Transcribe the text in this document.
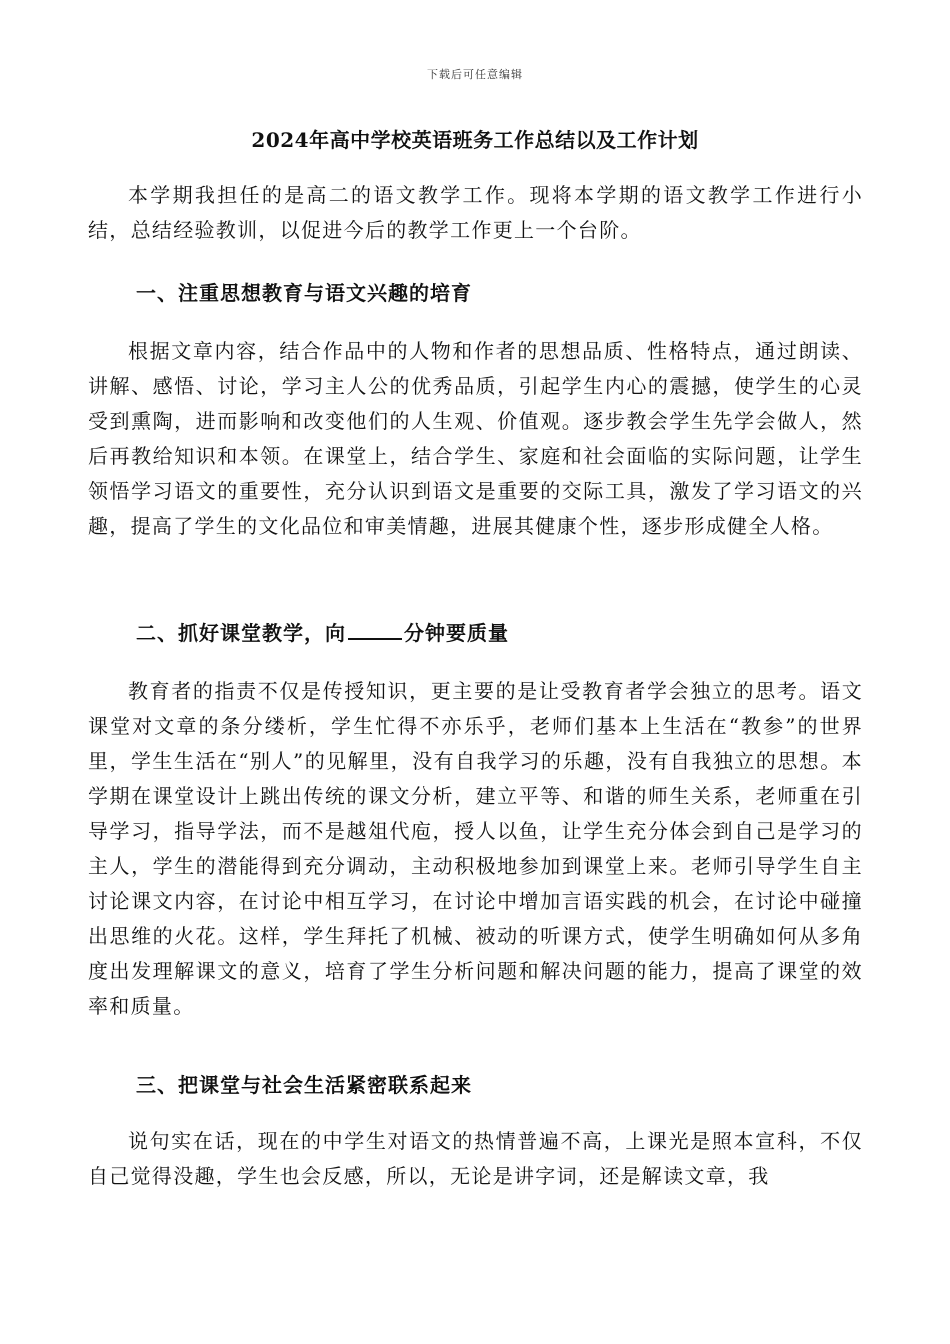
下载后可任意编辑
2024年高中学校英语班务工作总结以及工作计划

本学期我担任的是高二的语文教学工作。现将本学期的语文教学工作进行小结，总结经验教训，以促进今后的教学工作更上一个台阶。

一、注重思想教育与语文兴趣的培育

根据文章内容，结合作品中的人物和作者的思想品质、性格特点，通过朗读、讲解、感悟、讨论，学习主人公的优秀品质，引起学生内心的震撼，使学生的心灵受到熏陶，进而影响和改变他们的人生观、价值观。逐步教会学生先学会做人，然后再教给知识和本领。在课堂上，结合学生、家庭和社会面临的实际问题，让学生领悟学习语文的重要性，充分认识到语文是重要的交际工具，激发了学习语文的兴趣，提高了学生的文化品位和审美情趣，进展其健康个性，逐步形成健全人格。

二、抓好课堂教学，向	分钟要质量

教育者的指责不仅是传授知识，更主要的是让受教育者学会独立的思考。语文课堂对文章的条分缕析，学生忙得不亦乐乎，老师们基本上生活在“教参”的世界里，学生生活在“别人”的见解里，没有自我学习的乐趣，没有自我独立的思想。本学期在课堂设计上跳出传统的课文分析，建立平等、和谐的师生关系，老师重在引导学习，指导学法，而不是越俎代庖，授人以鱼，让学生充分体会到自己是学习的主人，学生的潜能得到充分调动，主动积极地参加到课堂上来。老师引导学生自主讨论课文内容，在讨论中相互学习，在讨论中增加言语实践的机会，在讨论中碰撞出思维的火花。这样，学生拜托了机械、被动的听课方式，使学生明确如何从多角度出发理解课文的意义，培育了学生分析问题和解决问题的能力，提高了课堂的效率和质量。

三、把课堂与社会生活紧密联系起来

说句实在话，现在的中学生对语文的热情普遍不高，上课光是照本宣科，不仅自己觉得没趣，学生也会反感，所以，无论是讲字词，还是解读文章，我
